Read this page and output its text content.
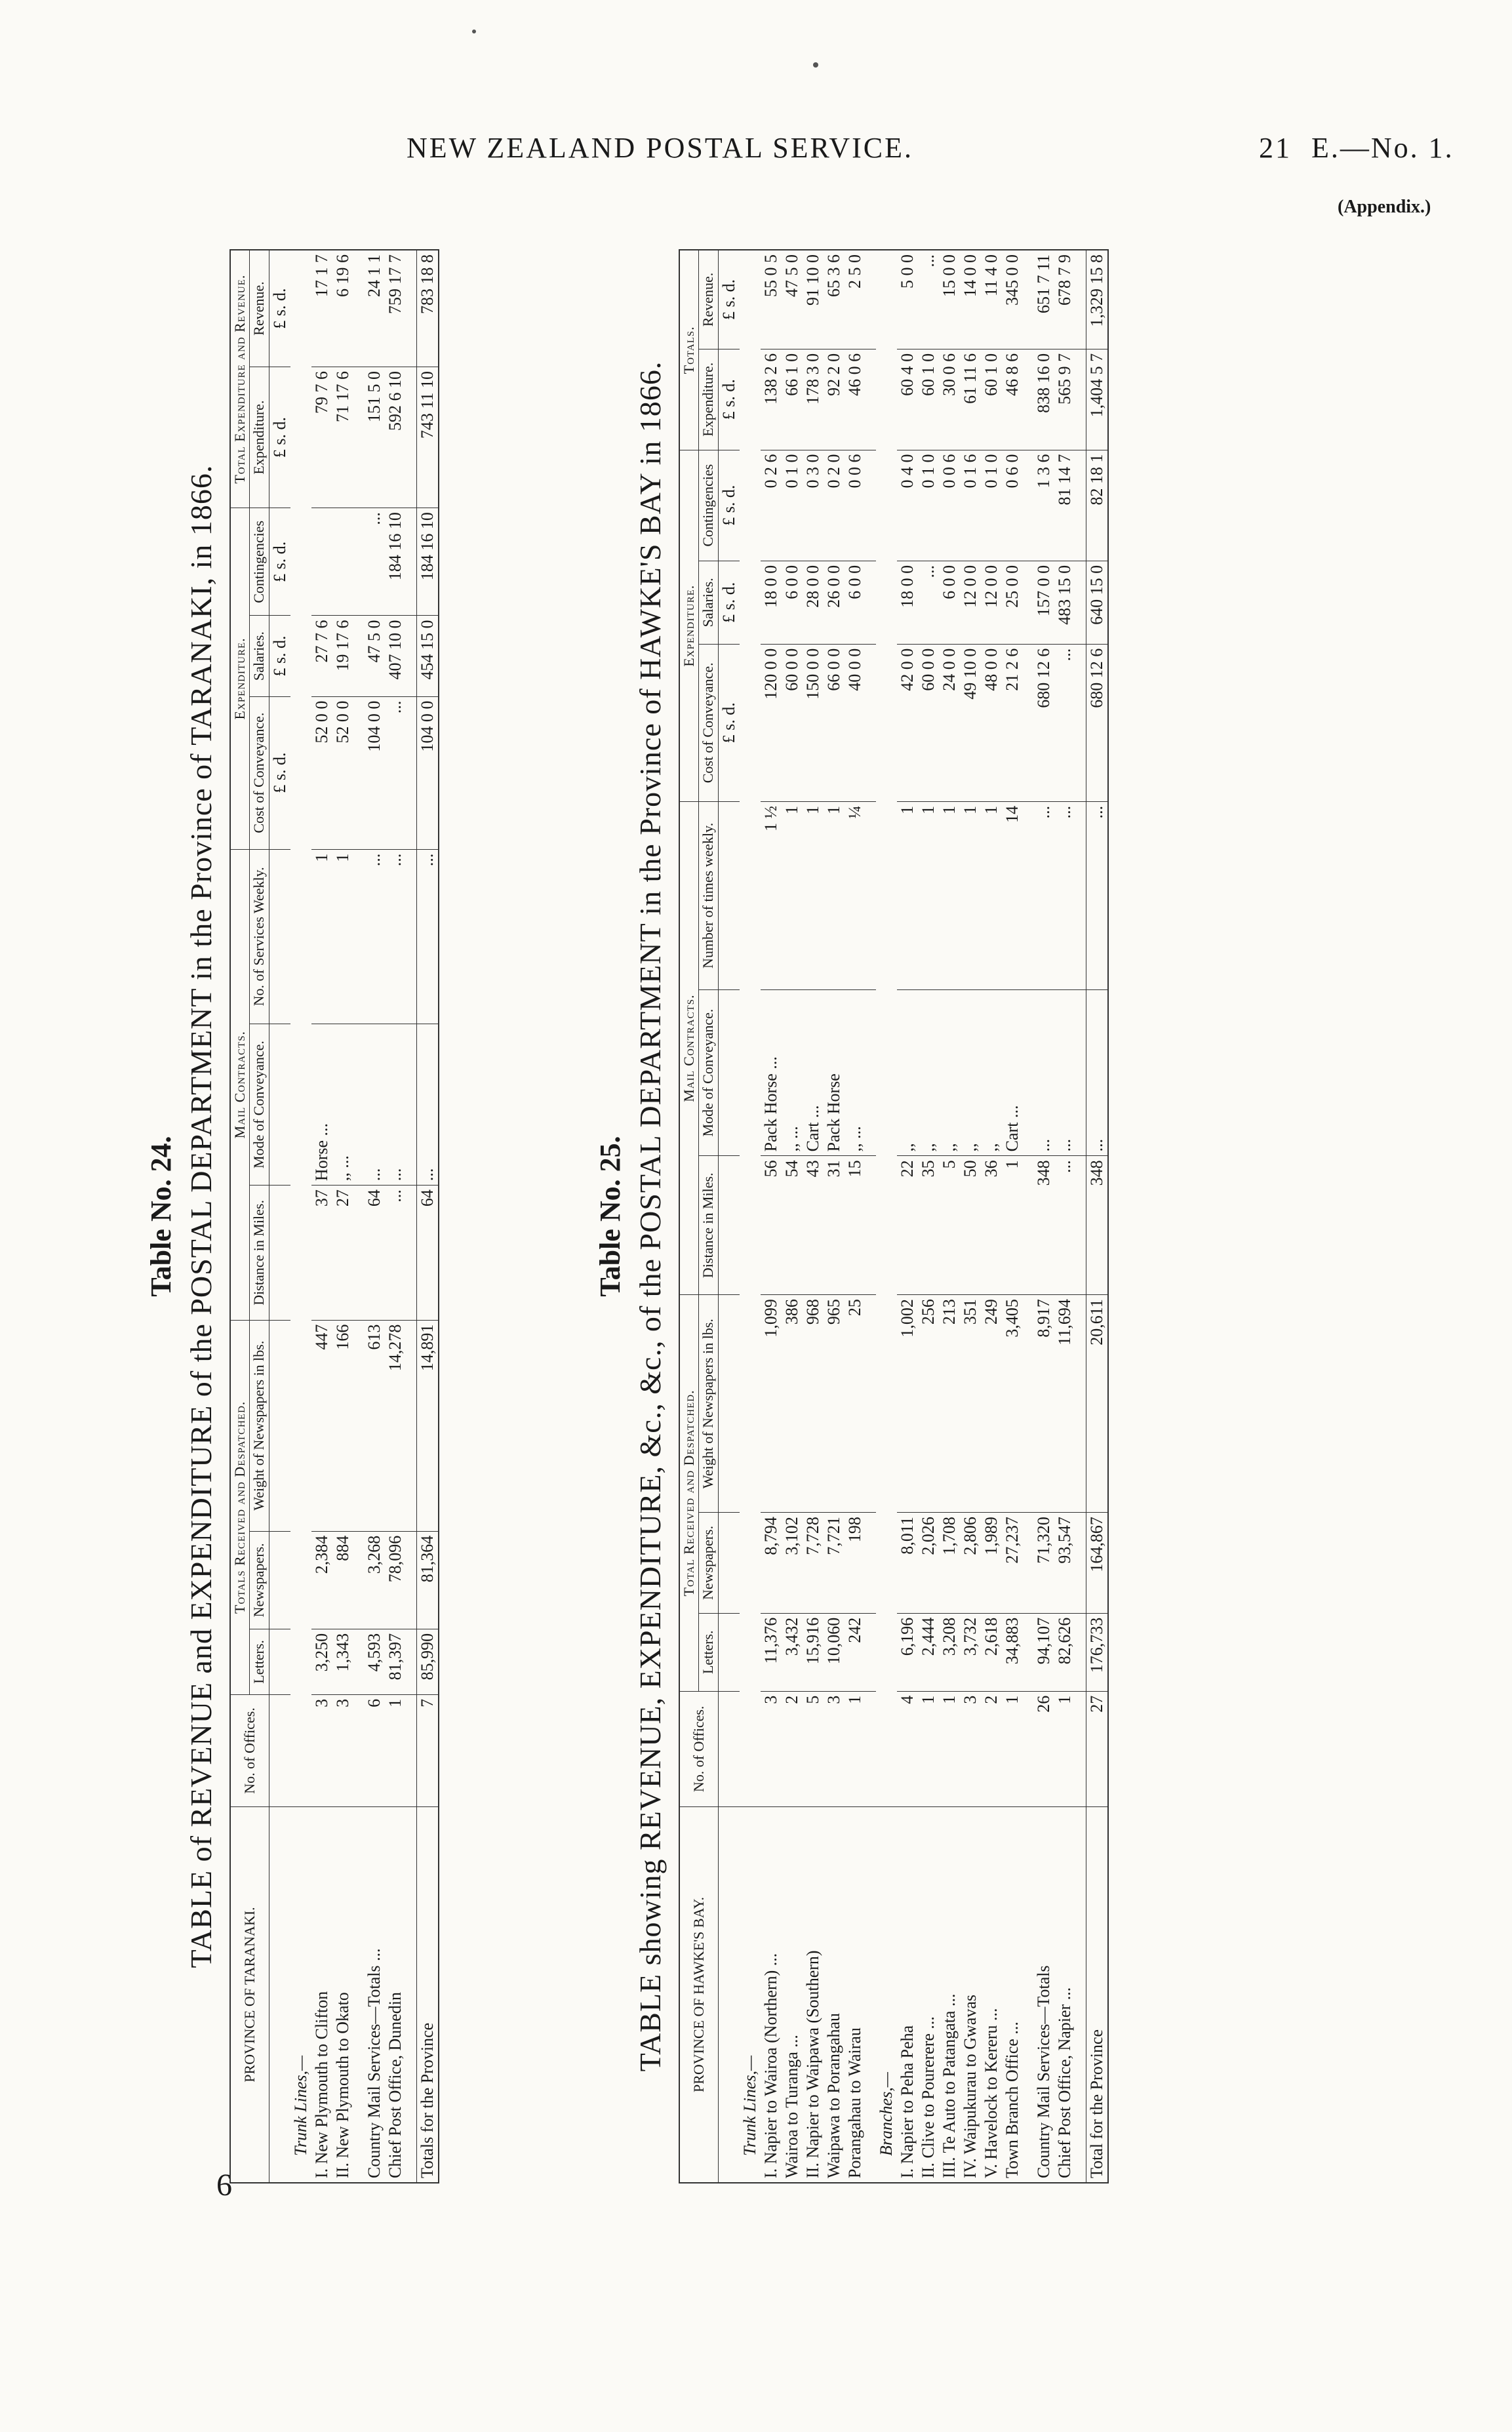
NEW ZEALAND POSTAL SERVICE.	21 E.—No. 1.
(Appendix.)
6
Table No. 24. TABLE of REVENUE and EXPENDITURE of the POSTAL DEPARTMENT in the Province of TARANAKI, in 1866.
PROVINCE OF TARANAKI.	No. of Offices.	Totals Received and Despatched.			Mail Contracts.			Expenditure.			Total Expenditure and Revenue.	
		Letters.	Newspapers.	Weight of Newspapers in lbs.	Distance in Miles.	Mode of Conveyance.	No. of Services Weekly.	Cost of Conveyance.	Salaries.	Contingencies	Expenditure.	Revenue.
								£ s. d.	£ s. d.	£ s. d.	£ s. d.	£ s. d.
Trunk Lines,—												
I. New Plymouth to Clifton	3	3,250	2,384	447	37	Horse ...	1	52 0 0	27 7 6		79 7 6	17 1 7
II. New Plymouth to Okato	3	1,343	884	166	27	,, ...	1	52 0 0	19 17 6		71 17 6	6 19 6

Country Mail Services—Totals ...	6	4,593	3,268	613	64	...	...	104 0 0	47 5 0	...	151 5 0	24 1 1
Chief Post Office, Dunedin	1	81,397	78,096	14,278	...	...	...	...	407 10 0	184 16 10	592 6 10	759 17 7

Totals for the Province	7	85,990	81,364	14,891	64	...	...	104 0 0	454 15 0	184 16 10	743 11 10	783 18 8
Table No. 25. TABLE showing REVENUE, EXPENDITURE, &c., &c., of the POSTAL DEPARTMENT in the Province of HAWKE'S BAY in 1866.	PROVINCE OF HAWKE'S BAY.	No. of Offices.	Total Received and Despatched.			Mail Contracts.			Expenditure.			Totals.	
		Letters.	Newspapers.	Weight of Newspapers in lbs.	Distance in Miles.	Mode of Conveyance.	Number of times weekly.	Cost of Conveyance.	Salaries.	Contingencies	Expenditure.	Revenue.
								£ s. d.	£ s. d.	£ s. d.	£ s. d.	£ s. d.
Trunk Lines,—												
I. Napier to Wairoa (Northern) ...	3	11,376	8,794	1,099	56	Pack Horse ...	1 ½	120 0 0	18 0 0	0 2 6	138 2 6	55 0 5
Wairoa to Turanga ...	2	3,432	3,102	386	54	,, ...	1	60 0 0	6 0 0	0 1 0	66 1 0	47 5 0
II. Napier to Waipawa (Southern)	5	15,916	7,728	968	43	Cart ...	1	150 0 0	28 0 0	0 3 0	178 3 0	91 10 0
Waipawa to Porangahau	3	10,060	7,721	965	31	Pack Horse	1	66 0 0	26 0 0	0 2 0	92 2 0	65 3 6
Porangahau to Wairau	1	242	198	25	15	,, ...	¼	40 0 0	6 0 0	0 0 6	46 0 6	2 5 0

Branches,—												
I. Napier to Peha Peha	4	6,196	8,011	1,002	22	,,	1	42 0 0	18 0 0	0 4 0	60 4 0	5 0 0
II. Clive to Pourerere ...	1	2,444	2,026	256	35	,,	1	60 0 0	...	0 1 0	60 1 0	...
III. Te Auto to Patangata ...	1	3,208	1,708	213	5	,,	1	24 0 0	6 0 0	0 0 6	30 0 6	15 0 0
IV. Waipukurau to Gwavas	3	3,732	2,806	351	50	,,	1	49 10 0	12 0 0	0 1 6	61 11 6	14 0 0
V. Havelock to Kereru ...	2	2,618	1,989	249	36	,,	1	48 0 0	12 0 0	0 1 0	60 1 0	11 4 0
Town Branch Office ...	1	34,883	27,237	3,405	1	Cart ...	14	21 2 6	25 0 0	0 6 0	46 8 6	345 0 0

Country Mail Services—Totals	26	94,107	71,320	8,917	348	...	...	680 12 6	157 0 0	1 3 6	838 16 0	651 7 11
Chief Post Office, Napier ...	1	82,626	93,547	11,694	...	...	...	...	483 15 0	81 14 7	565 9 7	678 7 9

Total for the Province	27	176,733	164,867	20,611	348	...	...	680 12 6	640 15 0	82 18 1	1,404 5 7	1,329 15 8
